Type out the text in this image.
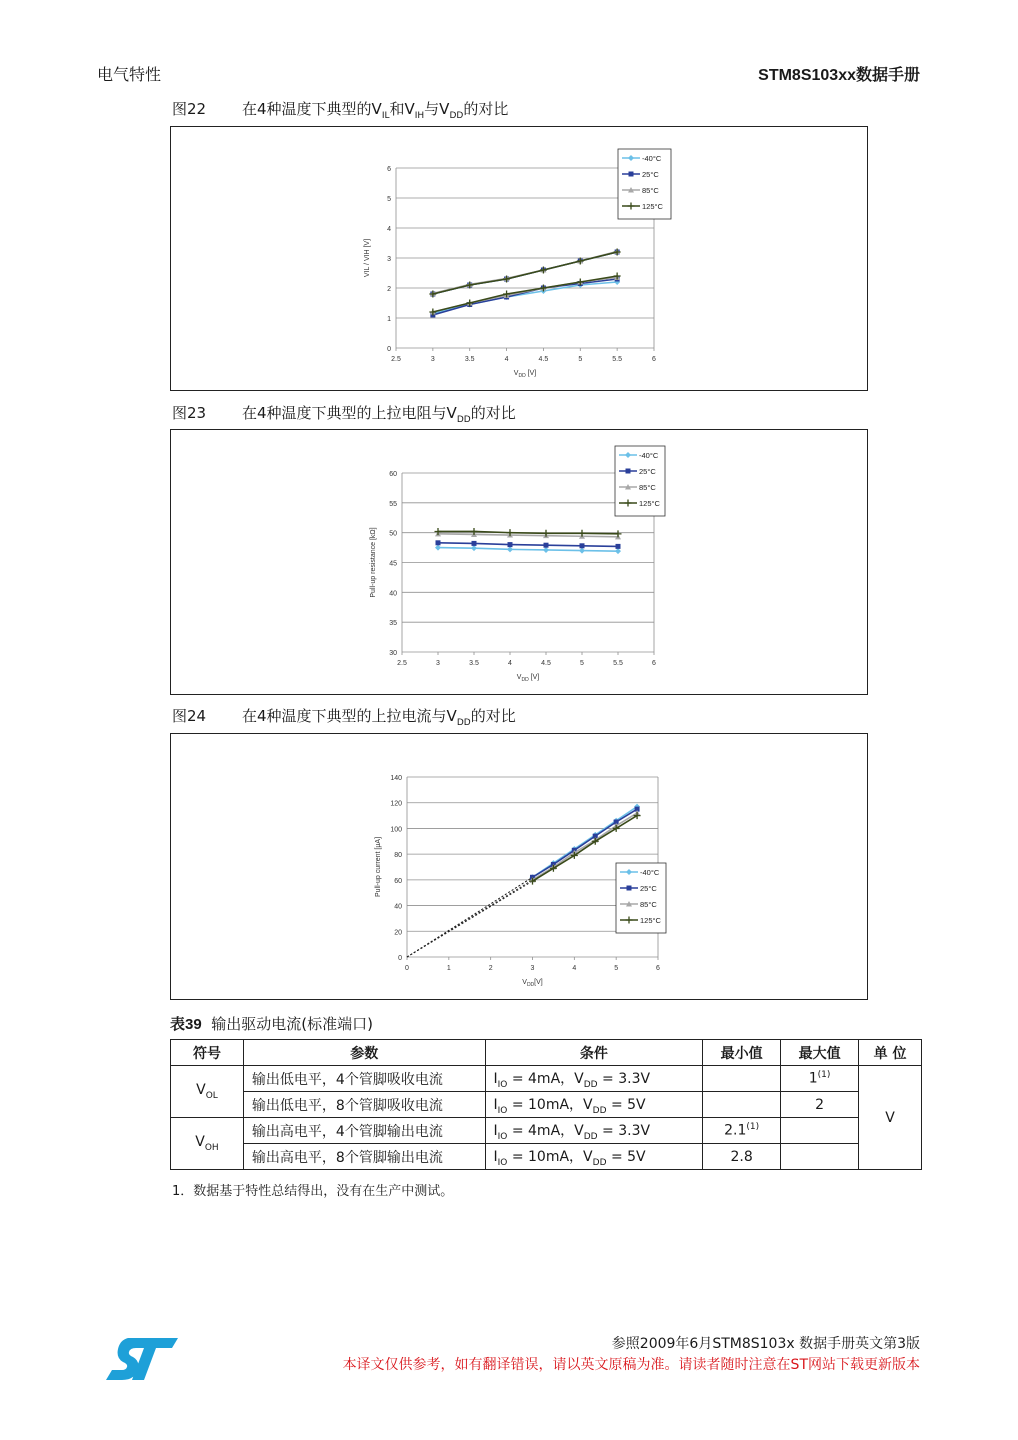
电气特性	STM8S103xx数据手册
图22 在4种温度下典型的$V_{IL}$和$V_{IH}$与$V_{DD}$的对比
0
1
2
3
4
5
6
2.5	3	3.5	4	4.5	5	5.5	6
$V_{DD}$ [V]
VIL / VIH [V]
-40°C
25°C
85°C
125°C
图23 在4种温度下典型的上拉电阻与$V_{DD}$的对比
30
35
40
45
50
55
60
2.5	3	3.5	4	4.5	5	5.5	6
$V_{DD}$ [V]
Pull-up resistance [kΩ]
-40°C
25°C
85°C
125°C
图24 在4种温度下典型的上拉电流与$V_{DD}$的对比
0
20
40
60
80
100
120
140
0	1	2	3	4	5	6
$V_{DD}[V]$
Pull-up current [µA]	-40°C
25°C
85°C
125°C
表39 输出驱动电流(标准端口)
符号	参数	条件	最小值	最大值	单 位
$V_{OL}$	输出低电平，4个管脚吸收电流	$I_{IO} = 4mA$，$V_{DD} = 3.3V$		1$^{(1)}$	V
	输出低电平，8个管脚吸收电流	$I_{IO} = 10mA$，$V_{DD} = 5V$		2	
$V_{OH}$	输出高电平，4个管脚输出电流	$I_{IO} = 4mA$，$V_{DD} = 3.3V$	2.1$^{(1)}$	
	输出高电平，8个管脚输出电流	$I_{IO} = 10mA$，$V_{DD} = 5V$	2.8		
1．数据基于特性总结得出，没有在生产中测试。
参照2009年6月STM8S103x 数据手册英文第3版
本译文仅供参考，如有翻译错误，请以英文原稿为准。请读者随时注意在ST网站下载更新版本
